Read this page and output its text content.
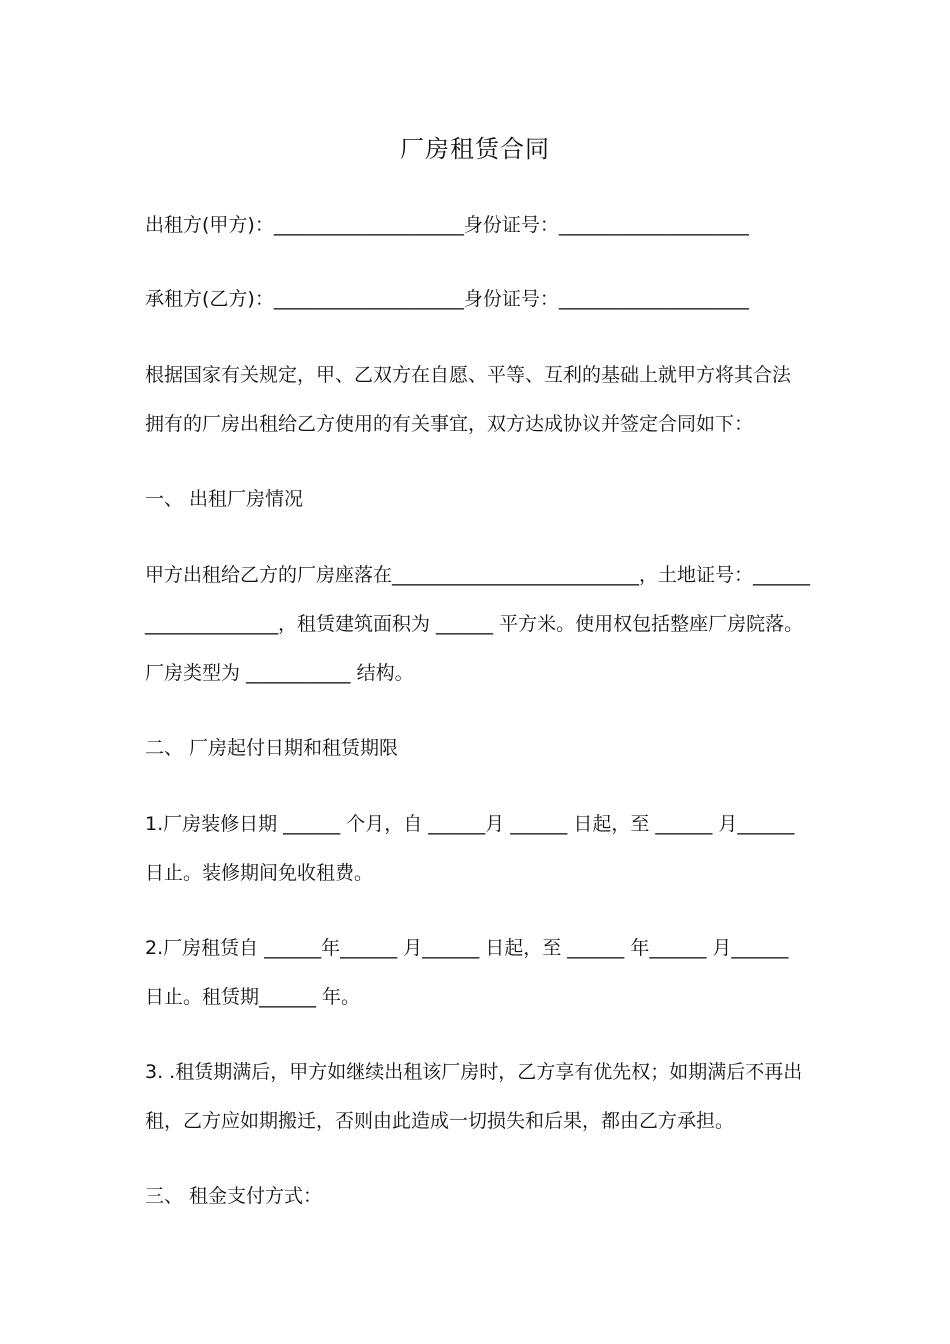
厂房租赁合同
出租方(甲方)：____________________身份证号：____________________
承租方(乙方)：____________________身份证号：____________________
根据国家有关规定，甲、乙双方在自愿、平等、互利的基础上就甲方将其合法
拥有的厂房出租给乙方使用的有关事宜，双方达成协议并签定合同如下：
一、 出租厂房情况
甲方出租给乙方的厂房座落在__________________________，土地证号：______
______________，租赁建筑面积为 ______ 平方米。使用权包括整座厂房院落。
厂房类型为 ___________ 结构。
二、 厂房起付日期和租赁期限
1.厂房装修日期 ______ 个月，自 ______月 ______ 日起，至 ______ 月______
日止。装修期间免收租费。
2.厂房租赁自 ______年______ 月______ 日起，至 ______ 年______ 月______
日止。租赁期______ 年。
3. .租赁期满后，甲方如继续出租该厂房时，乙方享有优先权；如期满后不再出
租，乙方应如期搬迁，否则由此造成一切损失和后果，都由乙方承担。
三、 租金支付方式：
